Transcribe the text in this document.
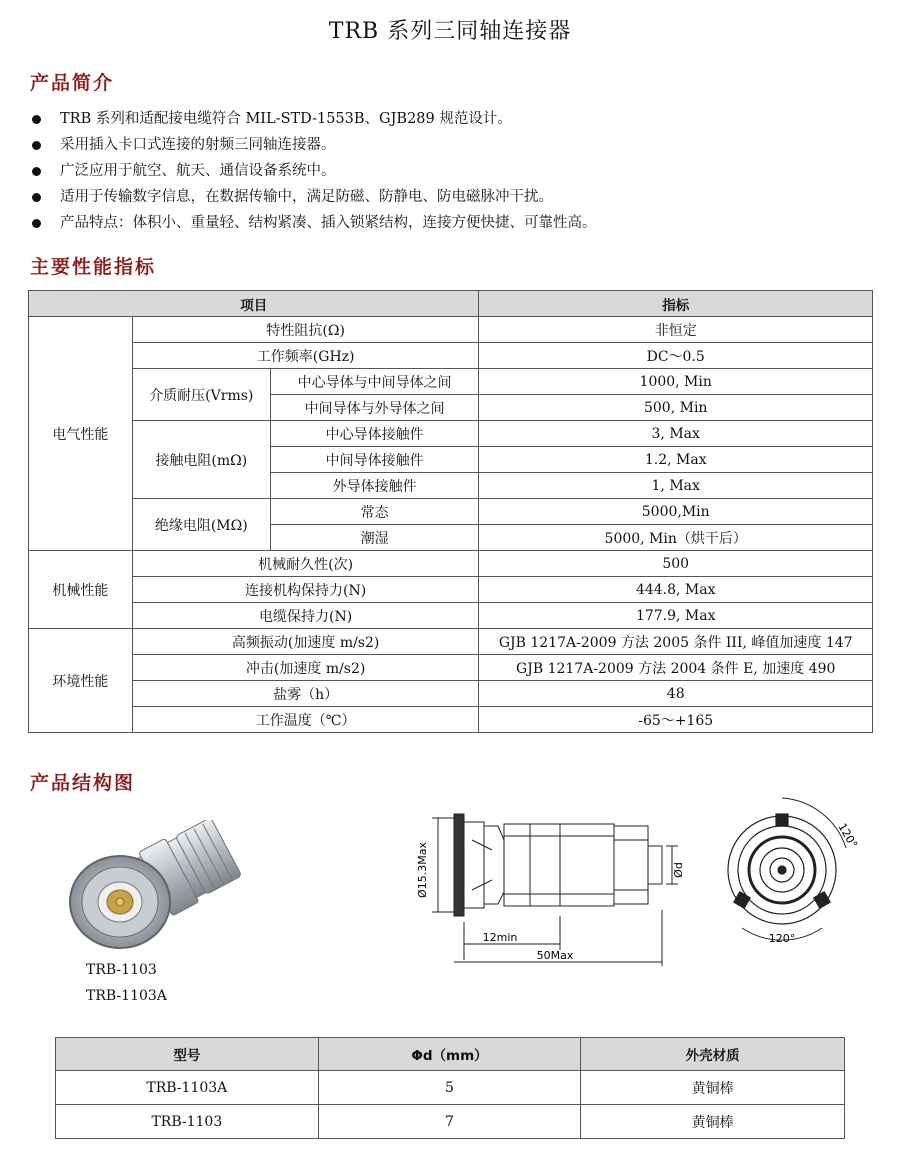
TRB 系列三同轴连接器
产品简介
TRB 系列和适配接电缆符合 MIL-STD-1553B、GJB289 规范设计。
采用插入卡口式连接的射频三同轴连接器。
广泛应用于航空、航天、通信设备系统中。
适用于传输数字信息，在数据传输中，满足防磁、防静电、防电磁脉冲干扰。
产品特点：体积小、重量轻、结构紧凑、插入锁紧结构，连接方便快捷、可靠性高。
主要性能指标
项目			指标
电气性能	特性阻抗(Ω)		非恒定
	工作频率(GHz)		DC～0.5
	介质耐压(Vrms)	中心导体与中间导体之间	1000, Min
		中间导体与外导体之间	500, Min
	接触电阻(mΩ)	中心导体接触件	3, Max
		中间导体接触件	1.2, Max
		外导体接触件	1, Max
	绝缘电阻(MΩ)	常态	5000,Min
		潮湿	5000, Min（烘干后）
机械性能	机械耐久性(次)		500
	连接机构保持力(N)		444.8, Max
	电缆保持力(N)		177.9, Max
环境性能	高频振动(加速度 m/s2)		GJB 1217A-2009 方法 2005 条件 III, 峰值加速度 147
	冲击(加速度 m/s2)		GJB 1217A-2009 方法 2004 条件 E, 加速度 490
	盐雾（h）		48
	工作温度（℃）		-65～+165
产品结构图
TRB-1103
TRB-1103A
Ø15.3Max	Ød
12min
50Max
120°
120°
型号	Φd（mm）	外壳材质
TRB-1103A	5	黄铜棒
TRB-1103	7	黄铜棒
